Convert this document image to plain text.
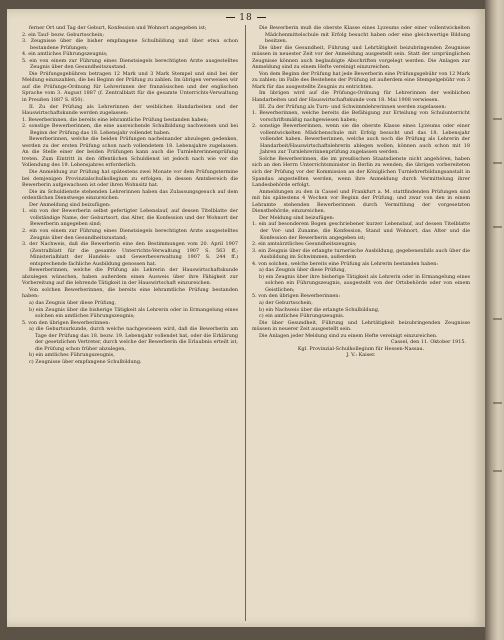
18

ferner Ort und Tag der Geburt, Konfession und Wohnort angegeben ist;

2. ein Tauf- bezw. Geburtsschein;

3. Zeugnisse über die bisher empfangene Schulbildung und über etwa schon bestandene Prüfungen;

4. ein amtliches Führungszeugnis;

5. ein von einem zur Führung eines Dienstsiegels berechtigten Arzte ausgestelltes Zeugnis über den Gesundheitszustand.

Die Prüfungsgebühren betragen 12 Mark und 3 Mark Stempel und sind bei der Meldung einzuzahlen, die bei Beginn der Prüfung zu zahlen. Im übrigen verweisen wir auf die Prüfungs-Ordnung für Lehrerinnen der französischen und der englischen Sprache vom 3. August 1887 (f. Zentralblatt für die gesamte Unterrichts-Verwaltung in Preußen 1887 S. 850).

II. Zu der Prüfung als Lehrerinnen der weiblichen Handarbeiten und der Hauswirtschaftskunde werden zugelassen:

1. Bewerberinnen, die bereits eine lehramtliche Prüfung bestanden haben;

2. sonstige Bewerberinnen, die eine ausreichende Schulbildung nachweisen und bei Beginn der Prüfung das 18. Lebensjahr vollendet haben.

Bewerberinnen, welche die beiden Prüfungen nacheinander abzulegen gedenken, werden zu der ersten Prüfung schon nach vollendetem 18. Lebensjahre zugelassen. An die Stelle einer der beiden Prüfungen kann auch die Turnlehrerinnenprüfung treten. Zum Eintritt in den öffentlichen Schuldienst ist jedoch nach wie vor die Vollendung des 19. Lebensjahres erforderlich.

Die Anmeldung zur Prüfung hat spätestens zwei Monate vor dem Prüfungstermine bei demjenigen Provinzialschulkollegium zu erfolgen, in dessen Amtsbereich die Bewerberin aufgewachsen ist oder ihren Wohnsitz hat.

Die im Schuldienste stehenden Lehrerinnen haben das Zulassungsgesuch auf dem ordentlichen Dienstwege einzureichen.

Der Anmeldung sind beizufügen:

1. ein von der Bewerberin selbst gefertigter Lebenslauf, auf dessen Titelblatte der vollständige Name, der Geburtsort, das Alter, die Konfession und der Wohnort der Bewerberin angegeben sind;

2. ein von einem zur Führung eines Dienstsiegels berechtigten Arzte ausgestelltes Zeugnis über den Gesundheitszustand;

3. der Nachweis, daß die Bewerberin eine den Bestimmungen vom 20. April 1907 (Zentralblatt für die gesamte Unterrichts-Verwaltung 1907 S. 563 ff.; Ministerialblatt der Handels- und Gewerbeverwaltung 1907 S. 244 ff.) entsprechende fachliche Ausbildung genossen hat.

Bewerberinnen, welche die Prüfung als Lehrerin der Hauswirtschaftskunde abzulegen wünschen, haben außerdem einen Ausweis über ihre Fähigkeit zur Vorbereitung auf die lehrende Tätigkeit in der Hauswirtschaft einzureichen.

Von solchen Bewerberinnen, die bereits eine lehramtliche Prüfung bestanden haben:

a) das Zeugnis über diese Prüfung,

b) ein Zeugnis über die bisherige Tätigkeit als Lehrerin oder in Ermangelung eines solchen ein amtliches Führungszeugnis;

5. von den übrigen Bewerberinnen:

a) die Geburtsurkunde, durch welche nachgewiesen wird, daß die Bewerberin am Tage der Prüfung das 18. bezw. 19. Lebensjahr vollendet hat, oder die Erklärung der gesetzlichen Vertreter, durch welche der Bewerberin die Erlaubnis erteilt ist, die Prüfung schon früher abzulegen,

b) ein amtliches Führungszeugnis,

c) Zeugnisse über empfangene Schulbildung.

Die Bewerberin muß die oberste Klasse eines Lyzeums oder einer vollentwickelten Mädchenmittelschule mit Erfolg besucht haben oder eine gleichwertige Bildung besitzen.

Die über die Gesundheit, Führung und Lehrtätigkeit beizubringenden Zeugnisse müssen in neuester Zeit vor der Anmeldung ausgestellt sein. Statt der ursprünglichen Zeugnisse können auch beglaubigte Abschriften vorgelegt werden. Die Anlagen zur Anmeldung sind zu einem Hefte vereinigt einzureichen.

Von dem Beginn der Prüfung hat jede Bewerberin eine Prüfungsgebühr von 12 Mark zu zahlen; im Falle des Bestehens der Prüfung ist außerdem eine Stempelgebühr von 3 Mark für das ausgestellte Zeugnis zu entrichten.

Im übrigen wird auf die Prüfungs-Ordnung für Lehrerinnen der weiblichen Handarbeiten und der Hauswirtschaftskunde vom 18. Mai 1908 verwiesen.

III. Zu der Prüfung als Turn- und Schwimmlehrerinnen werden zugelassen:

1. Bewerberinnen, welche bereits die Befähigung zur Erteilung von Schulunterricht vorschriftsmäßig nachgewiesen haben;

2. sonstige Bewerberinnen, wenn sie die oberste Klasse eines Lyzeums oder einer vollentwickelten Mädchenschule mit Erfolg besucht und das 18. Lebensjahr vollendet haben. Bewerberinnen, welche auch noch die Prüfung als Lehrerin der Handarbeit/Hauswirtschaftslehrerin ablegen wollen, können auch schon mit 18 Jahren zur Turnlehrerinnenprüfung zugelassen werden.

Solche Bewerberinnen, die im preußischen Staatsdienste nicht angehören, haben sich an den Herrn Unterrichtsminister in Berlin zu wenden; die übrigen vorbereiteten sich der Prüfung vor der Kommission an der Königlichen Turnlehrerbildungsanstalt in Spandau angestellten werden, wenn ihre Anmeldung durch Vermittelung ihrer Landesbehörde erfolgt.

Anmeldungen zu den in Cassel und Frankfurt a. M. stattfindenden Prüfungen sind mit bis spätestens 4 Wochen vor Beginn der Prüfung, und zwar von den in einem Lehramte stehenden Bewerberinnen durch Vermittlung der vorgesetzten Dienstbehörde, einzureichen.

Der Meldung sind beizufügen:

1. ein auf besonderem Bogen geschriebener kurzer Lebenslauf, auf dessen Titelblatte der Vor- und Zuname, die Konfession, Stand und Wohnort, das Alter und die Konfession der Bewerberin angegeben ist;

2. ein amtsärztliches Gesundheitszeugnis;

3. ein Zeugnis über die erlangte turnerische Ausbildung, gegebenenfalls auch über die Ausbildung im Schwimmen, außerdem

4. von solchen, welche bereits eine Prüfung als Lehrerin bestanden haben:

a) das Zeugnis über diese Prüfung,

b) ein Zeugnis über ihre bisherige Tätigkeit als Lehrerin oder in Ermangelung eines solchen ein Führungszeugnis, ausgestellt von der Ortsbehörde oder von einem Geistlichen;

5. von den übrigen Bewerberinnen:

a) der Geburtsschein,

b) ein Nachweis über die erlangte Schulbildung,

c) ein amtliches Führungszeugnis.

Die über Gesundheit, Führung und Lehrtätigkeit beizubringenden Zeugnisse müssen in neuerer Zeit ausgestellt sein.

Die Anlagen jeder Meldung sind zu einem Hefte vereinigt einzureichen.

Cassel, den 11. Oktober 1915.

Kgl. Provinzial-Schulkollegium für Hessen-Nassau.

J. V.: Kaiser.
